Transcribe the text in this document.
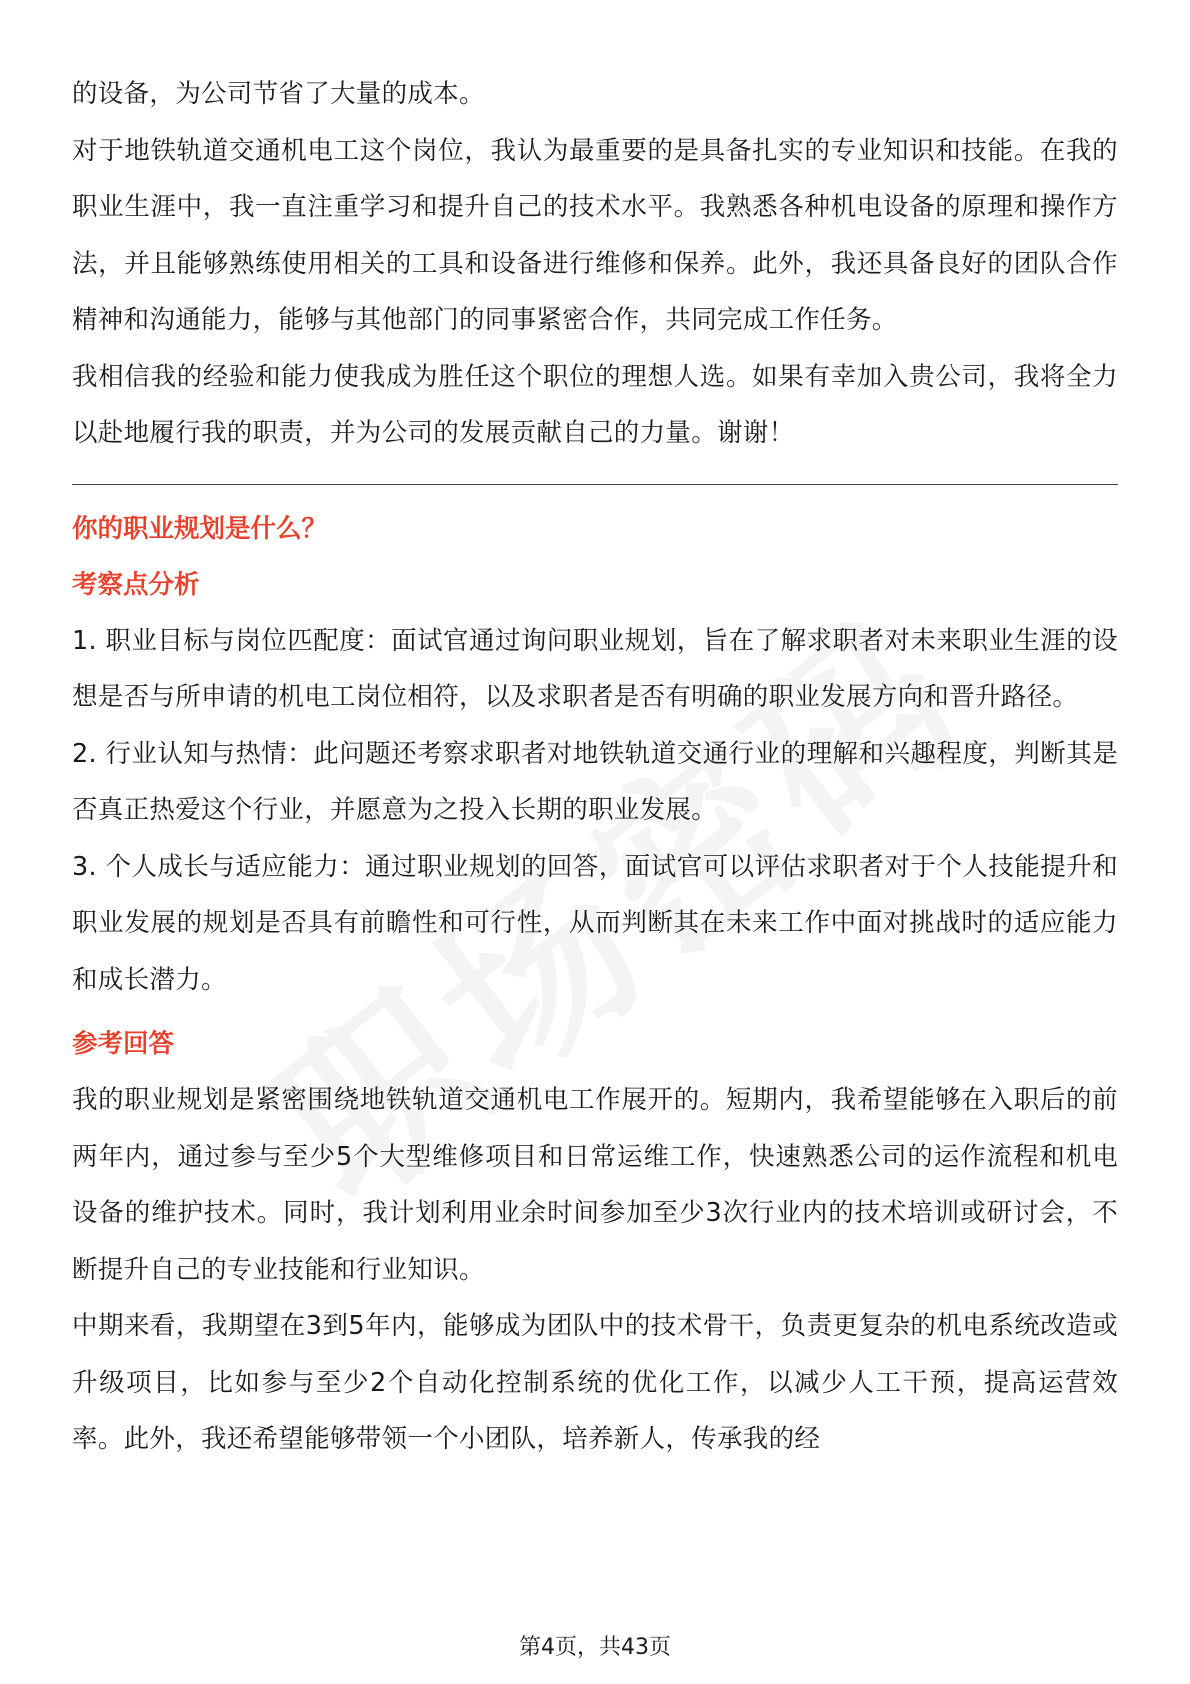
的设备，为公司节省了大量的成本。

对于地铁轨道交通机电工这个岗位，我认为最重要的是具备扎实的专业知识和技能。在我的职业生涯中，我一直注重学习和提升自己的技术水平。我熟悉各种机电设备的原理和操作方法，并且能够熟练使用相关的工具和设备进行维修和保养。此外，我还具备良好的团队合作精神和沟通能力，能够与其他部门的同事紧密合作，共同完成工作任务。

我相信我的经验和能力使我成为胜任这个职位的理想人选。如果有幸加入贵公司，我将全力以赴地履行我的职责，并为公司的发展贡献自己的力量。谢谢！

你的职业规划是什么？

考察点分析

1. 职业目标与岗位匹配度：面试官通过询问职业规划，旨在了解求职者对未来职业生涯的设想是否与所申请的机电工岗位相符，以及求职者是否有明确的职业发展方向和晋升路径。

2. 行业认知与热情：此问题还考察求职者对地铁轨道交通行业的理解和兴趣程度，判断其是否真正热爱这个行业，并愿意为之投入长期的职业发展。

3. 个人成长与适应能力：通过职业规划的回答，面试官可以评估求职者对于个人技能提升和职业发展的规划是否具有前瞻性和可行性，从而判断其在未来工作中面对挑战时的适应能力和成长潜力。

参考回答

我的职业规划是紧密围绕地铁轨道交通机电工作展开的。短期内，我希望能够在入职后的前两年内，通过参与至少5个大型维修项目和日常运维工作，快速熟悉公司的运作流程和机电设备的维护技术。同时，我计划利用业余时间参加至少3次行业内的技术培训或研讨会，不断提升自己的专业技能和行业知识。

中期来看，我期望在3到5年内，能够成为团队中的技术骨干，负责更复杂的机电系统改造或升级项目，比如参与至少2个自动化控制系统的优化工作，以减少人工干预，提高运营效率。此外，我还希望能够带领一个小团队，培养新人，传承我的经

第4页，共43页
